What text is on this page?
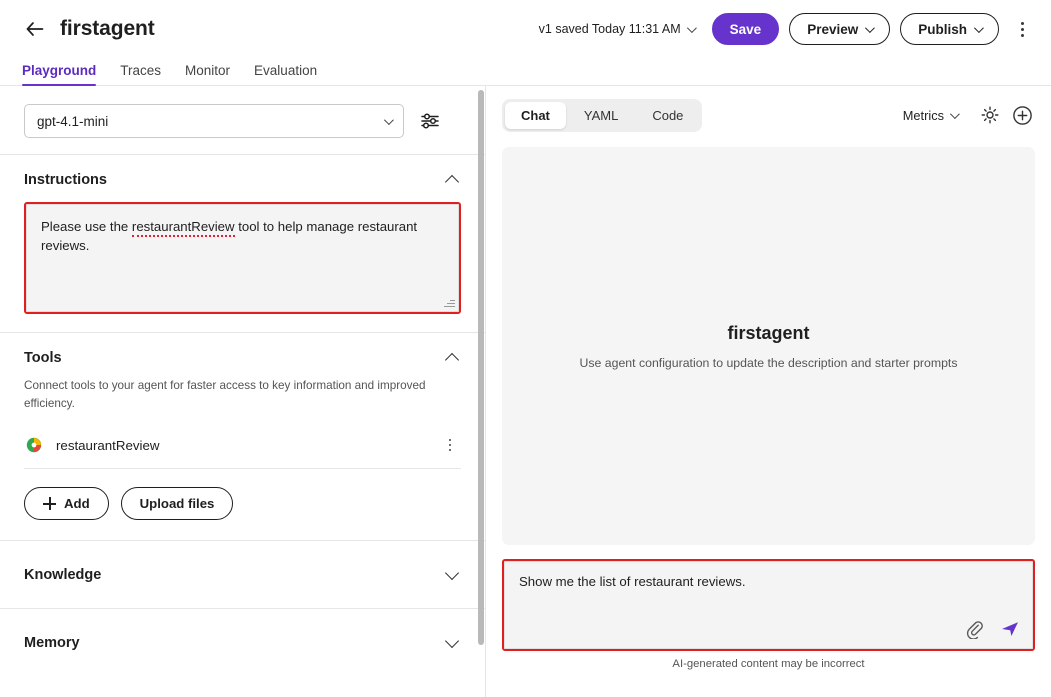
firstagent	v1 saved Today 11:31 AM	Save	Preview	Publish
Playground Traces Monitor Evaluation
gpt-4.1-mini
Instructions
Please use the restaurantReview tool to help manage restaurant reviews.
Tools
Connect tools to your agent for faster access to key information and improved efficiency.
restaurantReview
Add	Upload files
Knowledge
Memory
Chat	YAML	Code	Metrics
firstagent
Use agent configuration to update the description and starter prompts
Show me the list of restaurant reviews.
AI-generated content may be incorrect
